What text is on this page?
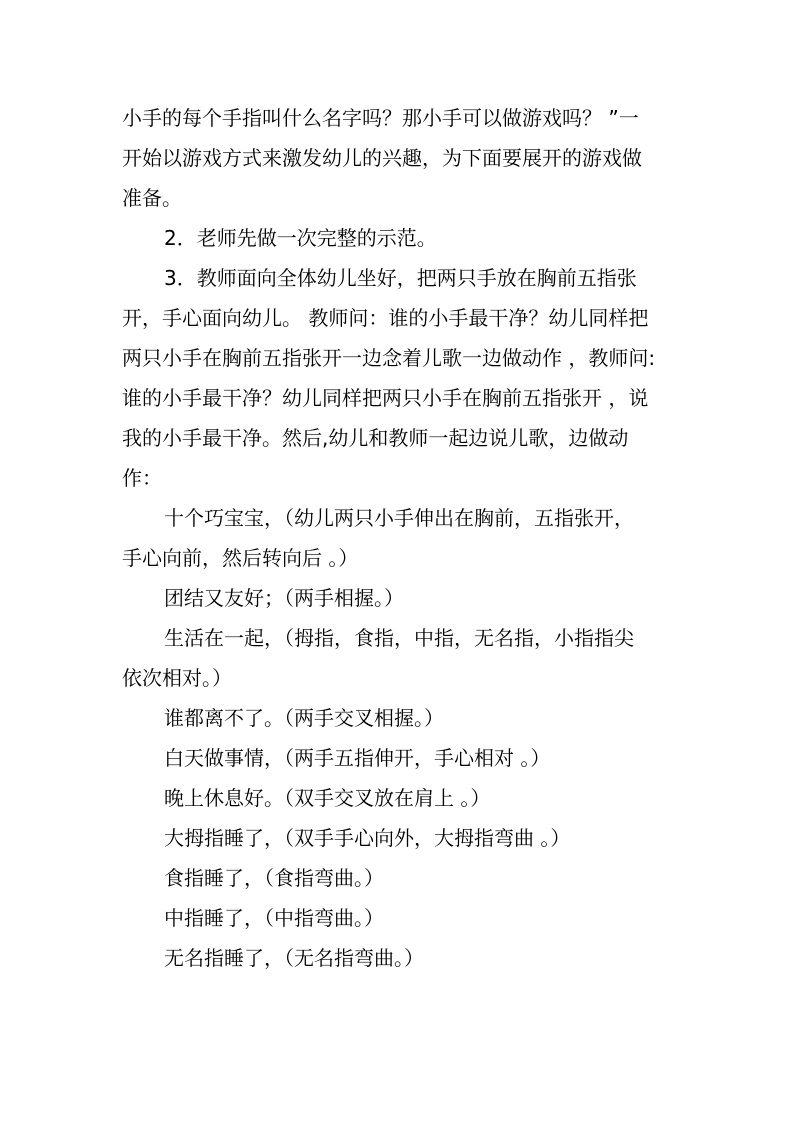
小手的每个手指叫什么名字吗？那小手可以做游戏吗？ ”一
开始以游戏方式来激发幼儿的兴趣，为下面要展开的游戏做
准备。
2．老师先做一次完整的示范。
3．教师面向全体幼儿坐好，把两只手放在胸前五指张
开，手心面向幼儿。 教师问：谁的小手最干净？幼儿同样把
两只小手在胸前五指张开一边念着儿歌一边做动作 ，教师问:
谁的小手最干净？幼儿同样把两只小手在胸前五指张开 ，说
我的小手最干净。然后,幼儿和教师一起边说儿歌，边做动
作：
十个巧宝宝，（幼儿两只小手伸出在胸前，五指张开，
手心向前，然后转向后 。）
团结又友好；（两手相握。）
生活在一起，（拇指，食指，中指，无名指，小指指尖
依次相对。）
谁都离不了。（两手交叉相握。）
白天做事情，（两手五指伸开，手心相对 。）
晚上休息好。（双手交叉放在肩上 。）
大拇指睡了，（双手手心向外，大拇指弯曲 。）
食指睡了，（食指弯曲。）
中指睡了，（中指弯曲。）
无名指睡了，（无名指弯曲。）
